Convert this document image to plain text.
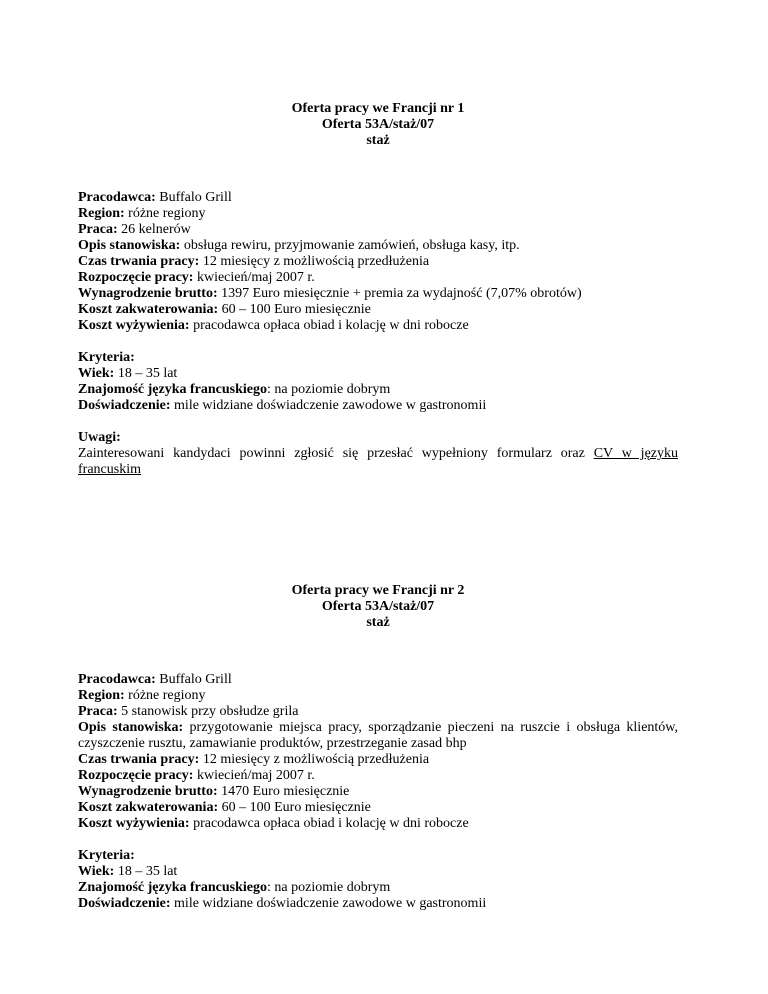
Oferta pracy we Francji nr 1
Oferta 53A/staż/07
staż
Pracodawca: Buffalo Grill
Region: różne regiony
Praca: 26 kelnerów
Opis stanowiska: obsługa rewiru, przyjmowanie zamówień, obsługa kasy, itp.
Czas trwania pracy: 12 miesięcy z możliwością przedłużenia
Rozpoczęcie pracy: kwiecień/maj 2007 r.
Wynagrodzenie brutto: 1397 Euro miesięcznie + premia za wydajność (7,07% obrotów)
Koszt zakwaterowania: 60 – 100 Euro miesięcznie
Koszt wyżywienia: pracodawca opłaca obiad i kolację w dni robocze
Kryteria:
Wiek: 18 – 35 lat
Znajomość języka francuskiego: na poziomie dobrym
Doświadczenie: mile widziane doświadczenie zawodowe w gastronomii
Uwagi:
Zainteresowani kandydaci powinni zgłosić się przesłać wypełniony formularz oraz CV w języku francuskim
Oferta pracy we Francji nr 2
Oferta 53A/staż/07
staż
Pracodawca: Buffalo Grill
Region: różne regiony
Praca: 5 stanowisk przy obsłudze grila
Opis stanowiska: przygotowanie miejsca pracy, sporządzanie pieczeni na ruszcie i obsługa klientów, czyszczenie rusztu, zamawianie produktów, przestrzeganie zasad bhp
Czas trwania pracy: 12 miesięcy z możliwością przedłużenia
Rozpoczęcie pracy: kwiecień/maj 2007 r.
Wynagrodzenie brutto: 1470 Euro miesięcznie
Koszt zakwaterowania: 60 – 100 Euro miesięcznie
Koszt wyżywienia: pracodawca opłaca obiad i kolację w dni robocze
Kryteria:
Wiek: 18 – 35 lat
Znajomość języka francuskiego: na poziomie dobrym
Doświadczenie: mile widziane doświadczenie zawodowe w gastronomii
